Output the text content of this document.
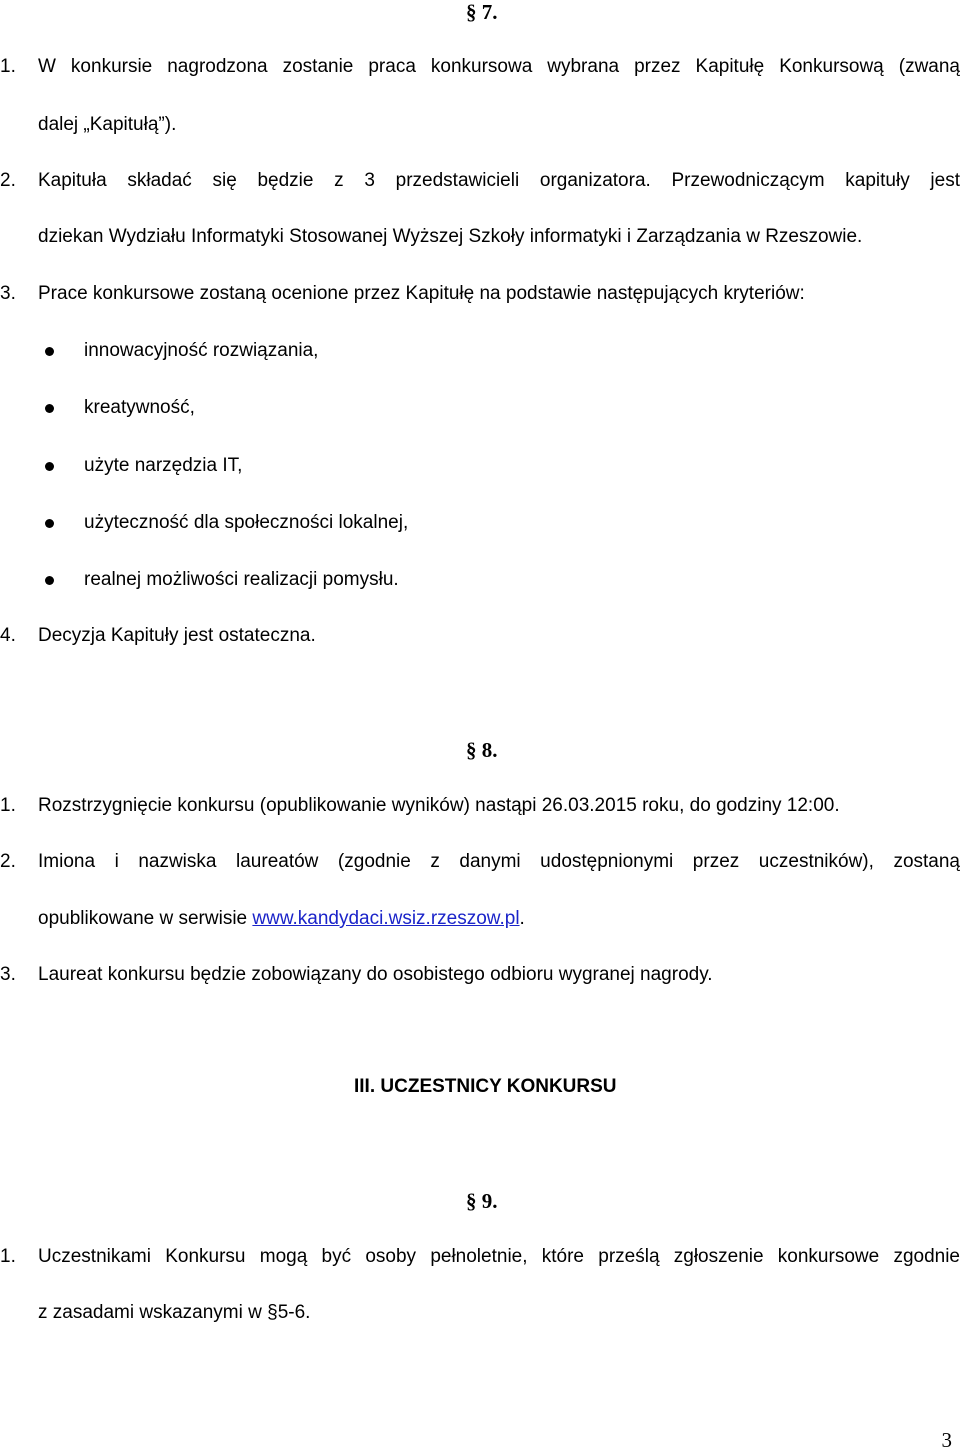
§ 7.
1. W konkursie nagrodzona zostanie praca konkursowa wybrana przez Kapitułę Konkursową (zwaną
dalej „Kapitułą”).
2. Kapituła składać się będzie z 3 przedstawicieli organizatora. Przewodniczącym kapituły jest
dziekan Wydziału Informatyki Stosowanej Wyższej Szkoły informatyki i Zarządzania w Rzeszowie.
3. Prace konkursowe zostaną ocenione przez Kapitułę na podstawie następujących kryteriów:
innowacyjność rozwiązania,
kreatywność,
użyte narzędzia IT,
użyteczność dla społeczności lokalnej,
realnej możliwości realizacji pomysłu.
4. Decyzja Kapituły jest ostateczna.
§ 8.
1. Rozstrzygnięcie konkursu (opublikowanie wyników) nastąpi 26.03.2015 roku, do godziny 12:00.
2. Imiona i nazwiska laureatów (zgodnie z danymi udostępnionymi przez uczestników), zostaną
opublikowane w serwisie www.kandydaci.wsiz.rzeszow.pl.
3. Laureat konkursu będzie zobowiązany do osobistego odbioru wygranej nagrody.
III. UCZESTNICY KONKURSU
§ 9.
1. Uczestnikami Konkursu mogą być osoby pełnoletnie, które prześlą zgłoszenie konkursowe zgodnie
z zasadami wskazanymi w §5-6.
3
